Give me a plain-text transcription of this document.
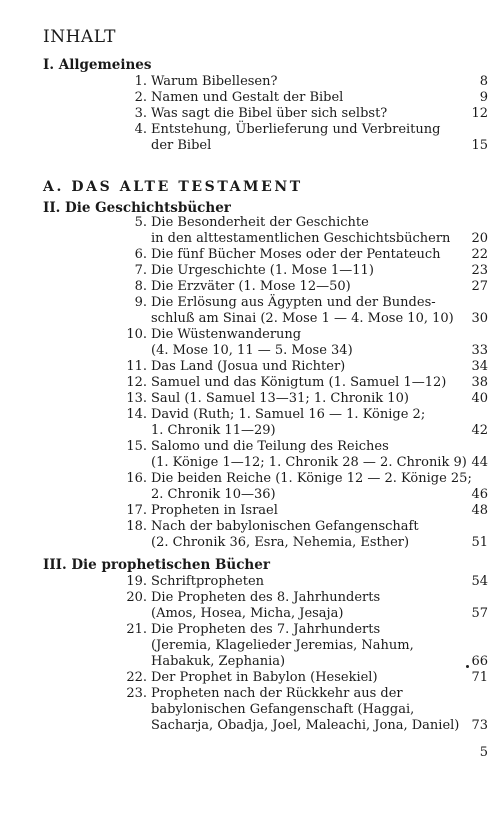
INHALT
I. Allgemeines
1. Warum Bibellesen?	8
2. Namen und Gestalt der Bibel	9
3. Was sagt die Bibel über sich selbst?	12
4. Entstehung, Überlieferung und Verbreitung
der Bibel	15
A. DAS ALTE TESTAMENT
II. Die Geschichtsbücher
5. Die Besonderheit der Geschichte
in den alttestamentlichen Geschichtsbüchern 20
6. Die fünf Bücher Moses oder der Pentateuch 22
7. Die Urgeschichte (1. Mose 1—11)	23
8. Die Erzväter (1. Mose 12—50)	27
9. Die Erlösung aus Ägypten und der Bundes-
schluß am Sinai (2. Mose 1 — 4. Mose 10, 10) 30
10. Die Wüstenwanderung
(4. Mose 10, 11 — 5. Mose 34)	33
11. Das Land (Josua und Richter)	34
12. Samuel und das Königtum (1. Samuel 1—12) 38
13. Saul (1. Samuel 13—31; 1. Chronik 10)	40
14. David (Ruth; 1. Samuel 16 — 1. Könige 2;
1. Chronik 11—29)	42
15. Salomo und die Teilung des Reiches
(1. Könige 1—12; 1. Chronik 28 — 2. Chronik 9) 44
16. Die beiden Reiche (1. Könige 12 — 2. Könige 25;
2. Chronik 10—36)	46
17. Propheten in Israel	48
18. Nach der babylonischen Gefangenschaft
(2. Chronik 36, Esra, Nehemia, Esther)	51
III. Die prophetischen Bücher
19. Schriftpropheten	54
20. Die Propheten des 8. Jahrhunderts
(Amos, Hosea, Micha, Jesaja)	57
21. Die Propheten des 7. Jahrhunderts
(Jeremia, Klagelieder Jeremias, Nahum,
Habakuk, Zephania)	66
22. Der Prophet in Babylon (Hesekiel)	71
23. Propheten nach der Rückkehr aus der
babylonischen Gefangenschaft (Haggai,
Sacharja, Obadja, Joel, Maleachi, Jona, Daniel) 73
5
